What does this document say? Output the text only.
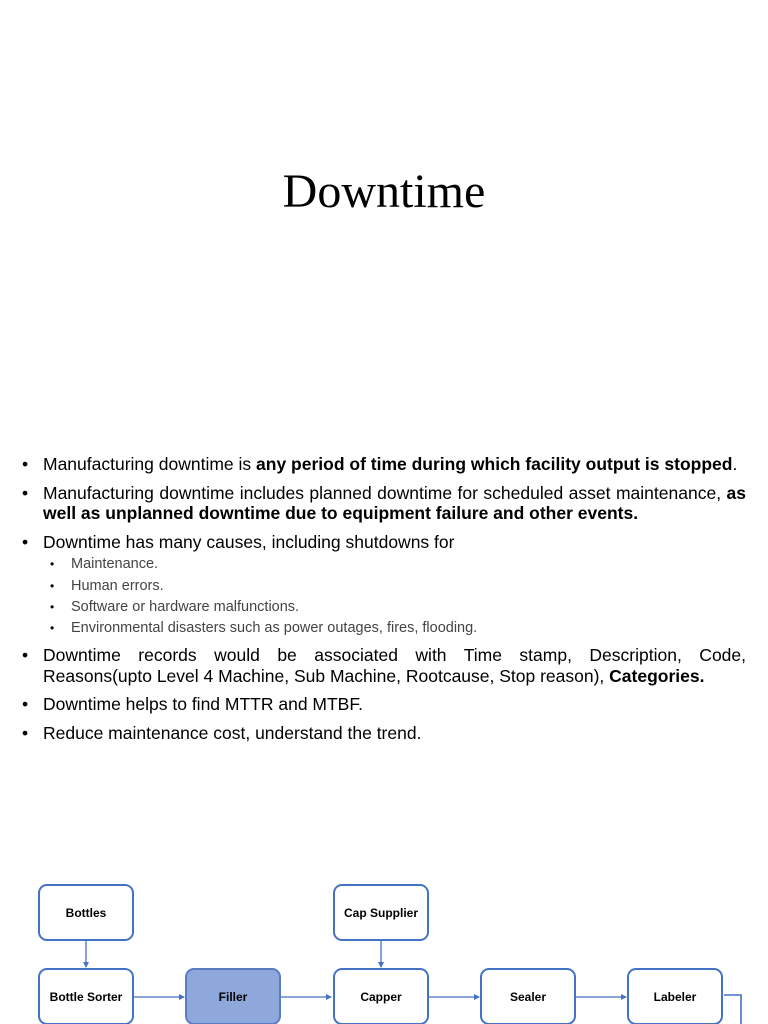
Downtime
• Manufacturing downtime is any period of time during which facility output is stopped.
• Manufacturing downtime includes planned downtime for scheduled asset maintenance, as well as unplanned downtime due to equipment failure and other events.
• Downtime has many causes, including shutdowns for
• Maintenance.
• Human errors.
• Software or hardware malfunctions.
• Environmental disasters such as power outages, fires, flooding.
• Downtime records would be associated with Time stamp, Description, Code, Reasons(upto Level 4 Machine, Sub Machine, Rootcause, Stop reason), Categories.
• Downtime helps to find MTTR and MTBF.
• Reduce maintenance cost, understand the trend.
Bottles	Cap Supplier
Bottle Sorter	Filler	Capper	Sealer	Labeler
